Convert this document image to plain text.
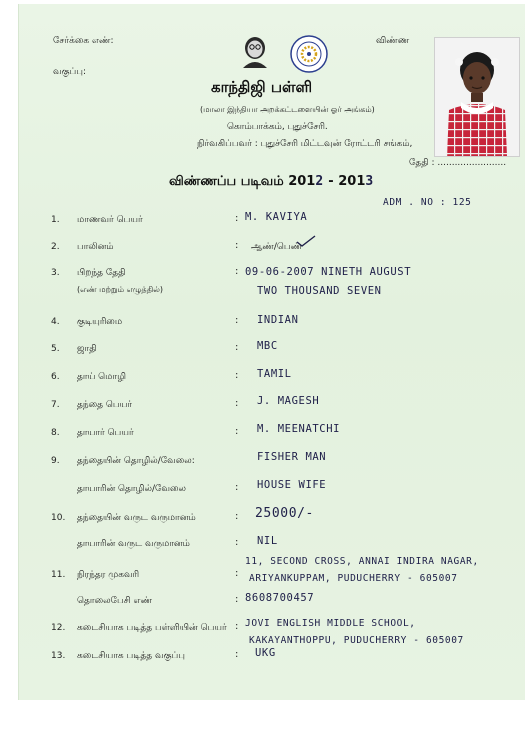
சேர்க்கை எண்:
வகுப்பு:
விண்ண
காந்திஜி பள்ளி
(மாலா இந்தியா அறக்கட்டளையின் ஓர் அங்கம்)
கொம்பாக்கம், புதுச்சேரி.
நிர்வகிப்பவர் : புதுச்சேரி மிட்டவுன் ரோட்டரி சங்கம்,
தேதி : ........................
விண்ணப்ப படிவம் 2012 - 2013
ADM . NO : 125
1. மாணவர் பெயர்	: M. KAVIYA
2. பாலினம்	: ஆண்/பெண்
3. பிறந்த தேதி
(எண் மற்றும் எழுத்தில்)
: 09-06-2007 NINETH AUGUST
TWO THOUSAND SEVEN
4. குடியுரிமை	: INDIAN
5. ஜாதி	: MBC
6. தாய் மொழி	: TAMIL
7. தந்தை பெயர்	: J. MAGESH
8. தாயார் பெயர்	: M. MEENATCHI
9. தந்தையின் தொழில்/வேலை:	FISHER MAN
தாயாரின் தொழில்/வேலை	: HOUSE WIFE
10. தந்தையின் வருட வருமானம்	: 25000/-
தாயாரின் வருட வருமானம்	: NIL
11. நிரந்தர முகவரி	:
11, SECOND CROSS, ANNAI INDIRA NAGAR,
ARIYANKUPPAM, PUDUCHERRY - 605007
தொலைபேசி எண்	: 8608700457
12. கடைசியாக படித்த பள்ளியின் பெயர் : JOVI ENGLISH MIDDLE SCHOOL,
KAKAYANTHOPPU, PUDUCHERRY - 605007
13. கடைசியாக படித்த வகுப்பு	: UKG
